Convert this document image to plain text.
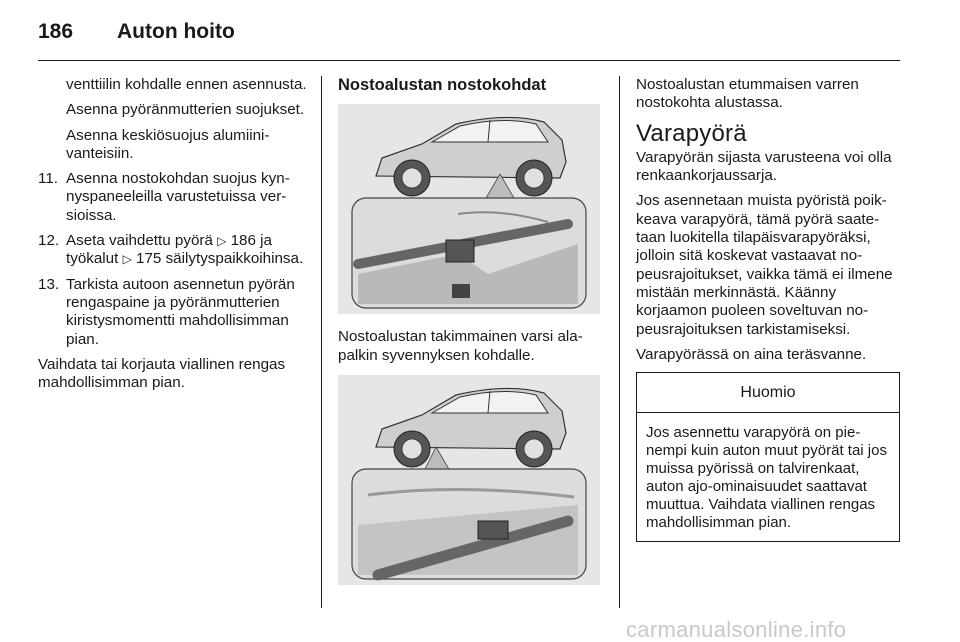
186 Auton hoito

venttiilin kohdalle ennen asennusta.

Asenna pyöränmutterien suojukset.

Asenna keskiösuojus alumiinivanteisiin.

11. Asenna nostokohdan suojus kynnyspaneeleilla varustetuissa versioissa.
12. Aseta vaihdettu pyörä ▷ 186 ja työkalut ▷ 175 säilytyspaikkoihinsa.
13. Tarkista autoon asennetun pyörän rengaspaine ja pyöränmutterien kiristysmomentti mahdollisimman pian.

Vaihdata tai korjauta viallinen rengas mahdollisimman pian.

Nostoalustan nostokohdat

Nostoalustan takimmainen varsi alapalkin syvennyksen kohdalle.

Nostoalustan etummaisen varren nostokohta alustassa.

Varapyörä

Varapyörän sijasta varusteena voi olla renkaankorjaussarja.

Jos asennetaan muista pyöristä poikkeava varapyörä, tämä pyörä saatetaan luokitella tilapäisvarapyöräksi, jolloin sitä koskevat vastaavat nopeusrajoitukset, vaikka tämä ei ilmene mistään merkinnästä. Käänny korjaamon puoleen soveltuvan nopeusrajoituksen tarkistamiseksi.

Varapyörässä on aina teräsvanne.

Huomio
Jos asennettu varapyörä on pienempi kuin auton muut pyörät tai jos muissa pyörissä on talvirenkaat, auton ajo-ominaisuudet saattavat muuttua. Vaihdata viallinen rengas mahdollisimman pian.
carmanualsonline.info
